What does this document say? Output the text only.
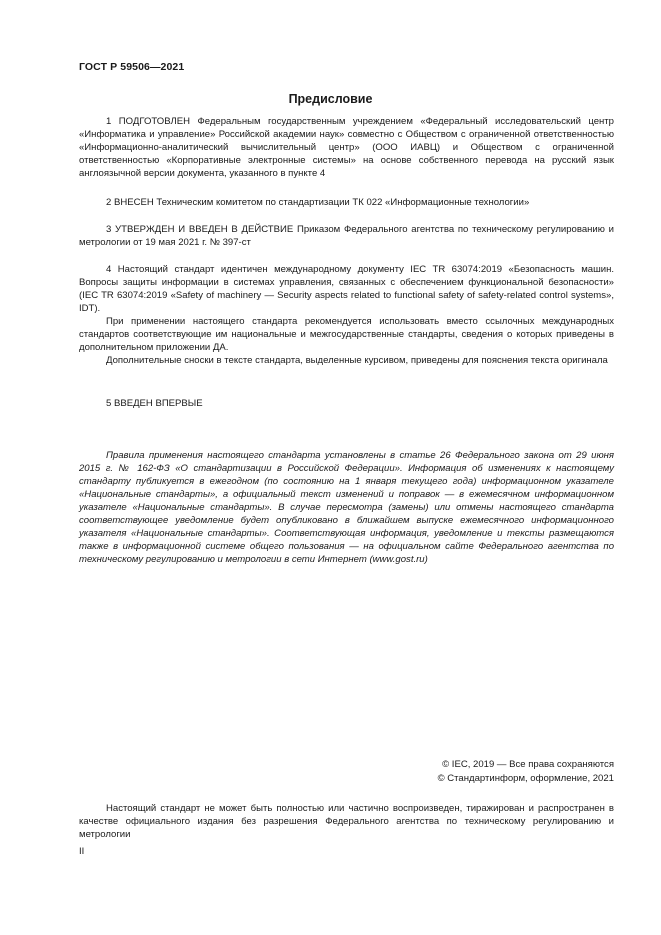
ГОСТ Р 59506—2021
Предисловие

1 ПОДГОТОВЛЕН Федеральным государственным учреждением «Федеральный исследовательский центр «Информатика и управление» Российской академии наук» совместно с Обществом с ограниченной ответственностью «Информационно-аналитический вычислительный центр» (ООО ИАВЦ) и Обществом с ограниченной ответственностью «Корпоративные электронные системы» на основе собственного перевода на русский язык англоязычной версии документа, указанного в пункте 4

2 ВНЕСЕН Техническим комитетом по стандартизации ТК 022 «Информационные технологии»

3 УТВЕРЖДЕН И ВВЕДЕН В ДЕЙСТВИЕ Приказом Федерального агентства по техническому регулированию и метрологии от 19 мая 2021 г. № 397-ст

4 Настоящий стандарт идентичен международному документу IEC TR 63074:2019 «Безопасность машин. Вопросы защиты информации в системах управления, связанных с обеспечением функциональной безопасности» (IEC TR 63074:2019 «Safety of machinery — Security aspects related to functional safety of safety-related control systems», IDT).

При применении настоящего стандарта рекомендуется использовать вместо ссылочных международных стандартов соответствующие им национальные и межгосударственные стандарты, сведения о которых приведены в дополнительном приложении ДА.

Дополнительные сноски в тексте стандарта, выделенные курсивом, приведены для пояснения текста оригинала

5 ВВЕДЕН ВПЕРВЫЕ

Правила применения настоящего стандарта установлены в статье 26 Федерального закона от 29 июня 2015 г. № 162-ФЗ «О стандартизации в Российской Федерации». Информация об изменениях к настоящему стандарту публикуется в ежегодном (по состоянию на 1 января текущего года) информационном указателе «Национальные стандарты», а официальный текст изменений и поправок — в ежемесячном информационном указателе «Национальные стандарты». В случае пересмотра (замены) или отмены настоящего стандарта соответствующее уведомление будет опубликовано в ближайшем выпуске ежемесячного информационного указателя «Национальные стандарты». Соответствующая информация, уведомление и тексты размещаются также в информационной системе общего пользования — на официальном сайте Федерального агентства по техническому регулированию и метрологии в сети Интернет (www.gost.ru)

© IEC, 2019 — Все права сохраняются
© Стандартинформ, оформление, 2021

Настоящий стандарт не может быть полностью или частично воспроизведен, тиражирован и распространен в качестве официального издания без разрешения Федерального агентства по техническому регулированию и метрологии

II
